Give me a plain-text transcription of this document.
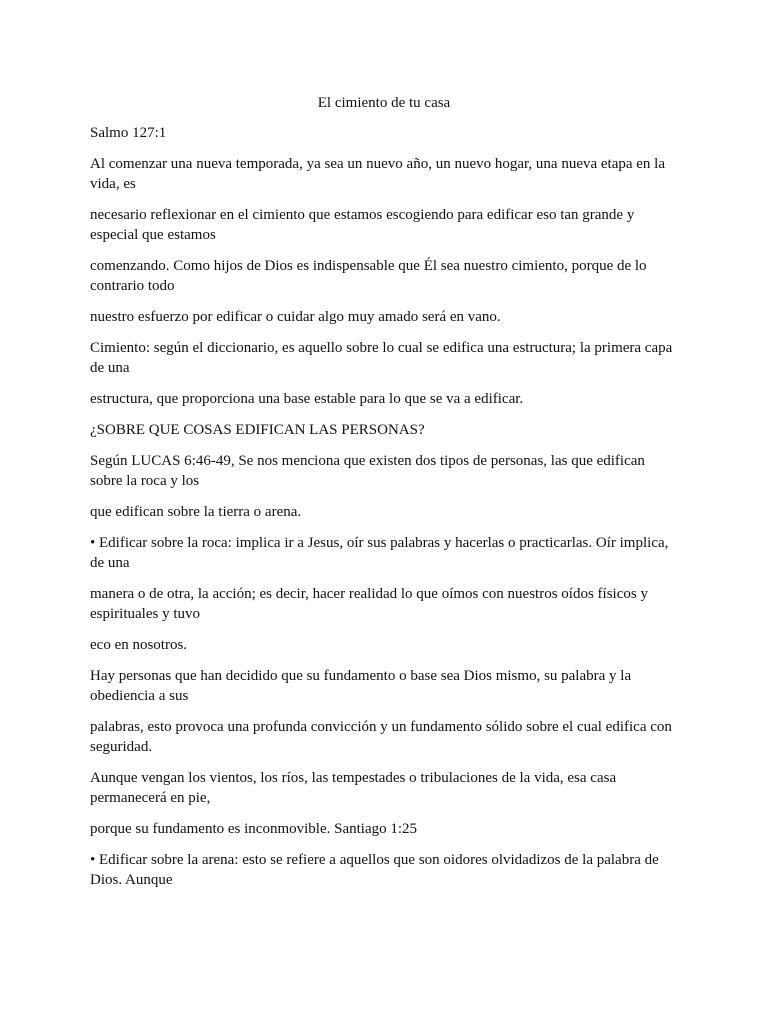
El cimiento de tu casa

Salmo 127:1

Al comenzar una nueva temporada, ya sea un nuevo año, un nuevo hogar, una nueva etapa en la vida, es

necesario reflexionar en el cimiento que estamos escogiendo para edificar eso tan grande y especial que estamos

comenzando. Como hijos de Dios es indispensable que Él sea nuestro cimiento, porque de lo contrario todo

nuestro esfuerzo por edificar o cuidar algo muy amado será en vano.

Cimiento: según el diccionario, es aquello sobre lo cual se edifica una estructura; la primera capa de una

estructura, que proporciona una base estable para lo que se va a edificar.

¿SOBRE QUE COSAS EDIFICAN LAS PERSONAS?

Según LUCAS 6:46-49, Se nos menciona que existen dos tipos de personas, las que edifican sobre la roca y los

que edifican sobre la tierra o arena.

• Edificar sobre la roca: implica ir a Jesus, oír sus palabras y hacerlas o practicarlas. Oír implica, de una

manera o de otra, la acción; es decir, hacer realidad lo que oímos con nuestros oídos físicos y espirituales y tuvo

eco en nosotros.

Hay personas que han decidido que su fundamento o base sea Dios mismo, su palabra y la obediencia a sus

palabras, esto provoca una profunda convicción y un fundamento sólido sobre el cual edifica con seguridad.

Aunque vengan los vientos, los ríos, las tempestades o tribulaciones de la vida, esa casa permanecerá en pie,

porque su fundamento es inconmovible. Santiago 1:25

• Edificar sobre la arena: esto se refiere a aquellos que son oidores olvidadizos de la palabra de Dios. Aunque
